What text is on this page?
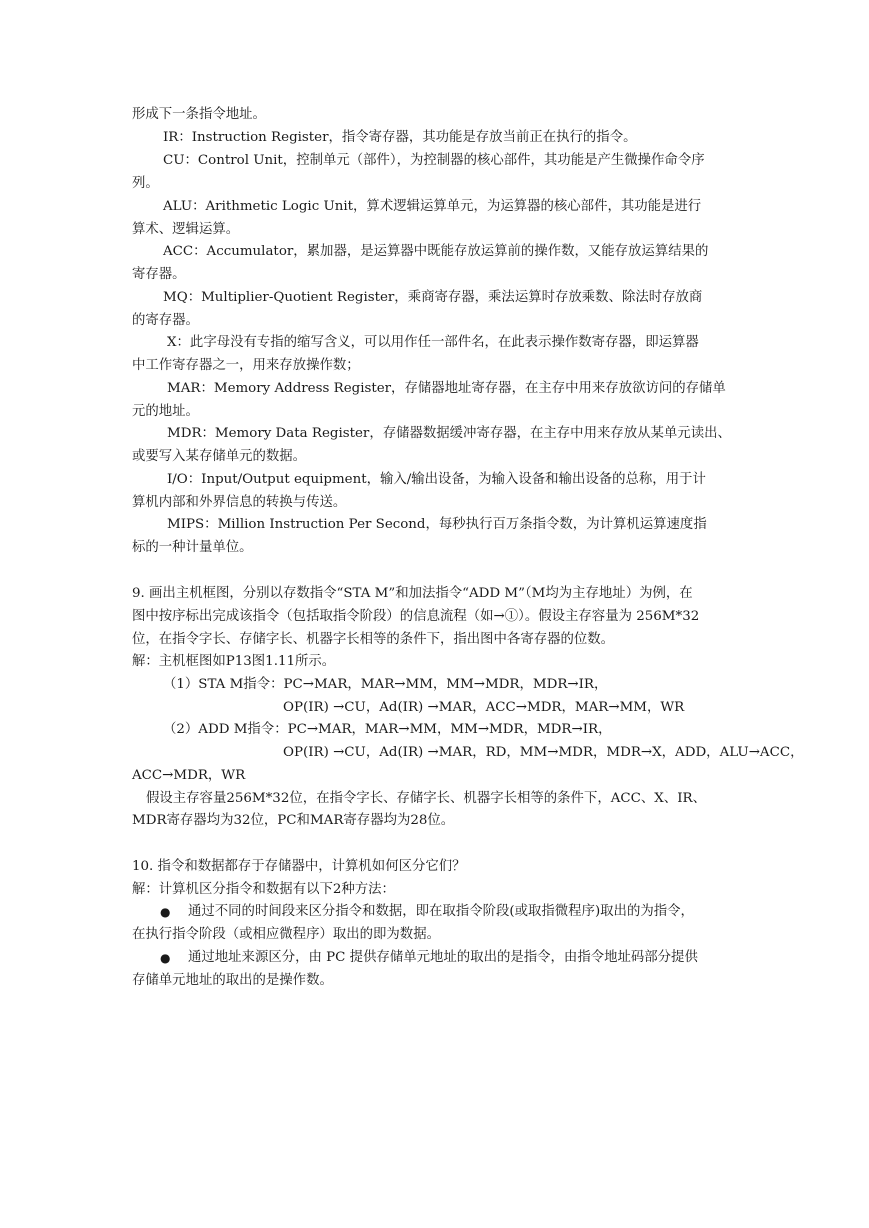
形成下一条指令地址。
IR：Instruction Register，指令寄存器，其功能是存放当前正在执行的指令。
CU：Control Unit，控制单元（部件），为控制器的核心部件，其功能是产生微操作命令序
列。
ALU：Arithmetic Logic Unit，算术逻辑运算单元，为运算器的核心部件，其功能是进行
算术、逻辑运算。
ACC：Accumulator，累加器，是运算器中既能存放运算前的操作数，又能存放运算结果的
寄存器。
MQ：Multiplier-Quotient Register，乘商寄存器，乘法运算时存放乘数、除法时存放商
的寄存器。
X：此字母没有专指的缩写含义，可以用作任一部件名，在此表示操作数寄存器，即运算器
中工作寄存器之一，用来存放操作数；
MAR：Memory Address Register，存储器地址寄存器，在主存中用来存放欲访问的存储单
元的地址。
MDR：Memory Data Register，存储器数据缓冲寄存器，在主存中用来存放从某单元读出、
或要写入某存储单元的数据。
I/O：Input/Output equipment，输入/输出设备，为输入设备和输出设备的总称，用于计
算机内部和外界信息的转换与传送。
MIPS：Million Instruction Per Second，每秒执行百万条指令数，为计算机运算速度指
标的一种计量单位。
9. 画出主机框图，分别以存数指令“STA M”和加法指令“ADD M”（M均为主存地址）为例，在
图中按序标出完成该指令（包括取指令阶段）的信息流程（如→①）。假设主存容量为 256M*32
位，在指令字长、存储字长、机器字长相等的条件下，指出图中各寄存器的位数。
解：主机框图如P13图1.11所示。
（1）STA M指令：PC→MAR，MAR→MM，MM→MDR，MDR→IR，
OP(IR) →CU，Ad(IR) →MAR，ACC→MDR，MAR→MM，WR
（2）ADD M指令：PC→MAR，MAR→MM，MM→MDR，MDR→IR，
OP(IR) →CU，Ad(IR) →MAR，RD，MM→MDR，MDR→X，ADD，ALU→ACC，
ACC→MDR，WR
假设主存容量256M*32位，在指令字长、存储字长、机器字长相等的条件下，ACC、X、IR、
MDR寄存器均为32位，PC和MAR寄存器均为28位。
10. 指令和数据都存于存储器中，计算机如何区分它们？
解：计算机区分指令和数据有以下2种方法：
● 通过不同的时间段来区分指令和数据，即在取指令阶段(或取指微程序)取出的为指令，
在执行指令阶段（或相应微程序）取出的即为数据。
● 通过地址来源区分，由 PC 提供存储单元地址的取出的是指令，由指令地址码部分提供
存储单元地址的取出的是操作数。
